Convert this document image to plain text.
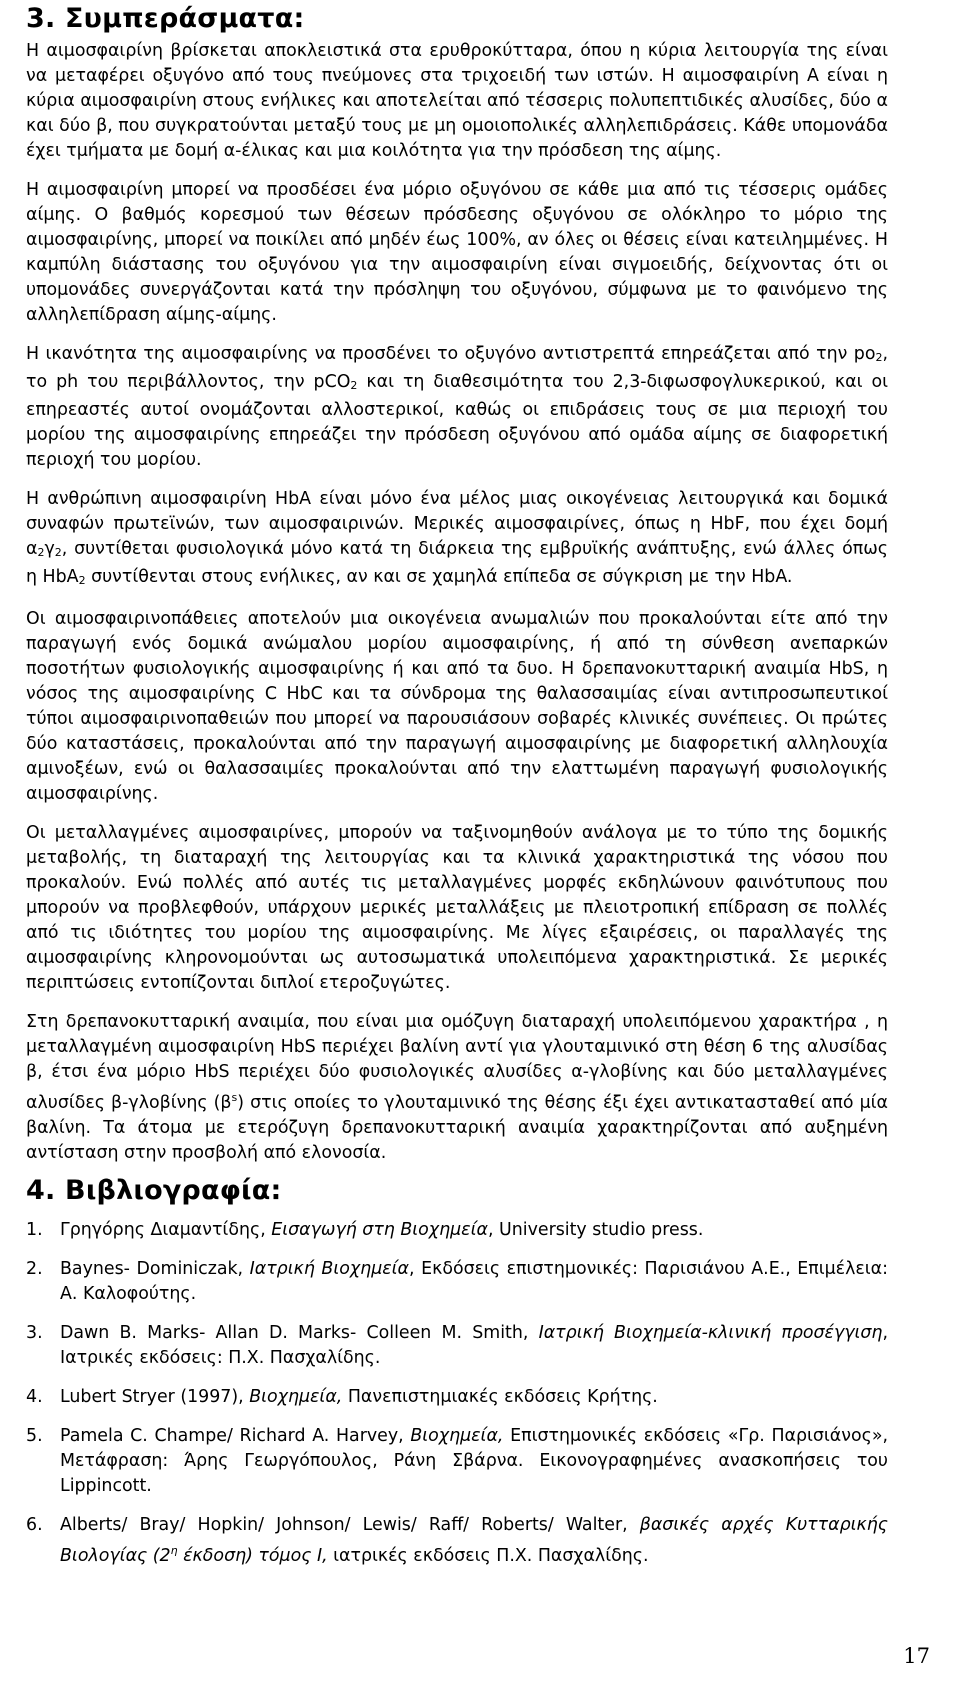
3. Συμπεράσματα:

Η αιμοσφαιρίνη βρίσκεται αποκλειστικά στα ερυθροκύτταρα, όπου η κύρια λειτουργία της είναι να μεταφέρει οξυγόνο από τους πνεύμονες στα τριχοειδή των ιστών. Η αιμοσφαιρίνη Α είναι η κύρια αιμοσφαιρίνη στους ενήλικες και αποτελείται από τέσσερις πολυπεπτιδικές αλυσίδες, δύο α και δύο β, που συγκρατούνται μεταξύ τους με μη ομοιοπολικές αλληλεπιδράσεις. Κάθε υπομονάδα έχει τμήματα με δομή α-έλικας και μια κοιλότητα για την πρόσδεση της αίμης.

Η αιμοσφαιρίνη μπορεί να προσδέσει ένα μόριο οξυγόνου σε κάθε μια από τις τέσσερις ομάδες αίμης. Ο βαθμός κορεσμού των θέσεων πρόσδεσης οξυγόνου σε ολόκληρο το μόριο της αιμοσφαιρίνης, μπορεί να ποικίλει από μηδέν έως 100%, αν όλες οι θέσεις είναι κατειλημμένες. Η καμπύλη διάστασης του οξυγόνου για την αιμοσφαιρίνη είναι σιγμοειδής, δείχνοντας ότι οι υπομονάδες συνεργάζονται κατά την πρόσληψη του οξυγόνου, σύμφωνα με το φαινόμενο της αλληλεπίδραση αίμης-αίμης.

Η ικανότητα της αιμοσφαιρίνης να προσδένει το οξυγόνο αντιστρεπτά επηρεάζεται από την po2, το ph του περιβάλλοντος, την pCO2 και τη διαθεσιμότητα του 2,3-διφωσφογλυκερικού, και οι επηρεαστές αυτοί ονομάζονται αλλοστερικοί, καθώς οι επιδράσεις τους σε μια περιοχή του μορίου της αιμοσφαιρίνης επηρεάζει την πρόσδεση οξυγόνου από ομάδα αίμης σε διαφορετική περιοχή του μορίου.

Η ανθρώπινη αιμοσφαιρίνη HbA είναι μόνο ένα μέλος μιας οικογένειας λειτουργικά και δομικά συναφών πρωτεϊνών, των αιμοσφαιρινών. Μερικές αιμοσφαιρίνες, όπως η HbF, που έχει δομή α2γ2, συντίθεται φυσιολογικά μόνο κατά τη διάρκεια της εμβρυϊκής ανάπτυξης, ενώ άλλες όπως η HbA2 συντίθενται στους ενήλικες, αν και σε χαμηλά επίπεδα σε σύγκριση με την HbA.

Οι αιμοσφαιρινοπάθειες αποτελούν μια οικογένεια ανωμαλιών που προκαλούνται είτε από την παραγωγή ενός δομικά ανώμαλου μορίου αιμοσφαιρίνης, ή από τη σύνθεση ανεπαρκών ποσοτήτων φυσιολογικής αιμοσφαιρίνης ή και από τα δυο. Η δρεπανοκυτταρική αναιμία HbS, η νόσος της αιμοσφαιρίνης C HbC και τα σύνδρομα της θαλασσαιμίας είναι αντιπροσωπευτικοί τύποι αιμοσφαιρινοπαθειών που μπορεί να παρουσιάσουν σοβαρές κλινικές συνέπειες. Οι πρώτες δύο καταστάσεις, προκαλούνται από την παραγωγή αιμοσφαιρίνης με διαφορετική αλληλουχία αμινοξέων, ενώ οι θαλασσαιμίες προκαλούνται από την ελαττωμένη παραγωγή φυσιολογικής αιμοσφαιρίνης.

Οι μεταλλαγμένες αιμοσφαιρίνες, μπορούν να ταξινομηθούν ανάλογα με το τύπο της δομικής μεταβολής, τη διαταραχή της λειτουργίας και τα κλινικά χαρακτηριστικά της νόσου που προκαλούν. Ενώ πολλές από αυτές τις μεταλλαγμένες μορφές εκδηλώνουν φαινότυπους που μπορούν να προβλεφθούν, υπάρχουν μερικές μεταλλάξεις με πλειοτροπική επίδραση σε πολλές από τις ιδιότητες του μορίου της αιμοσφαιρίνης. Με λίγες εξαιρέσεις, οι παραλλαγές της αιμοσφαιρίνης κληρονομούνται ως αυτοσωματικά υπολειπόμενα χαρακτηριστικά. Σε μερικές περιπτώσεις εντοπίζονται διπλοί ετεροζυγώτες.

Στη δρεπανοκυτταρική αναιμία, που είναι μια ομόζυγη διαταραχή υπολειπόμενου χαρακτήρα , η μεταλλαγμένη αιμοσφαιρίνη HbS περιέχει βαλίνη αντί για γλουταμινικό στη θέση 6 της αλυσίδας β, έτσι ένα μόριο HbS περιέχει δύο φυσιολογικές αλυσίδες α-γλοβίνης και δύο μεταλλαγμένες αλυσίδες β-γλοβίνης $(\beta^s)$ στις οποίες το γλουταμινικό της θέσης έξι έχει αντικατασταθεί από μία βαλίνη. Τα άτομα με ετερόζυγη δρεπανοκυτταρική αναιμία χαρακτηρίζονται από αυξημένη αντίσταση στην προσβολή από ελονοσία.

4. Βιβλιογραφία:
1.	Γρηγόρης Διαμαντίδης, Εισαγωγή στη Βιοχημεία, University studio press.
2.	Baynes- Dominiczak, Ιατρική Βιοχημεία, Εκδόσεις επιστημονικές: Παρισιάνου Α.Ε., Επιμέλεια: Α. Καλοφούτης.
3.	Dawn B. Marks- Allan D. Marks- Colleen M. Smith, Ιατρική Βιοχημεία-κλινική προσέγγιση, Ιατρικές εκδόσεις: Π.Χ. Πασχαλίδης.
4.	Lubert Stryer (1997), Βιοχημεία, Πανεπιστημιακές εκδόσεις Κρήτης.
5.	Pamela C. Champe/ Richard A. Harvey, Βιοχημεία, Επιστημονικές εκδόσεις «Γρ. Παρισιάνος», Μετάφραση: Άρης Γεωργόπουλος, Ράνη Σβάρνα. Εικονογραφημένες ανασκοπήσεις του Lippincott.
6.	Alberts/ Bray/ Hopkin/ Johnson/ Lewis/ Raff/ Roberts/ Walter, βασικές αρχές Κυτταρικής Βιολογίας ($2^\eta$ έκδοση) τόμος Ι, ιατρικές εκδόσεις Π.Χ. Πασχαλίδης.
17
